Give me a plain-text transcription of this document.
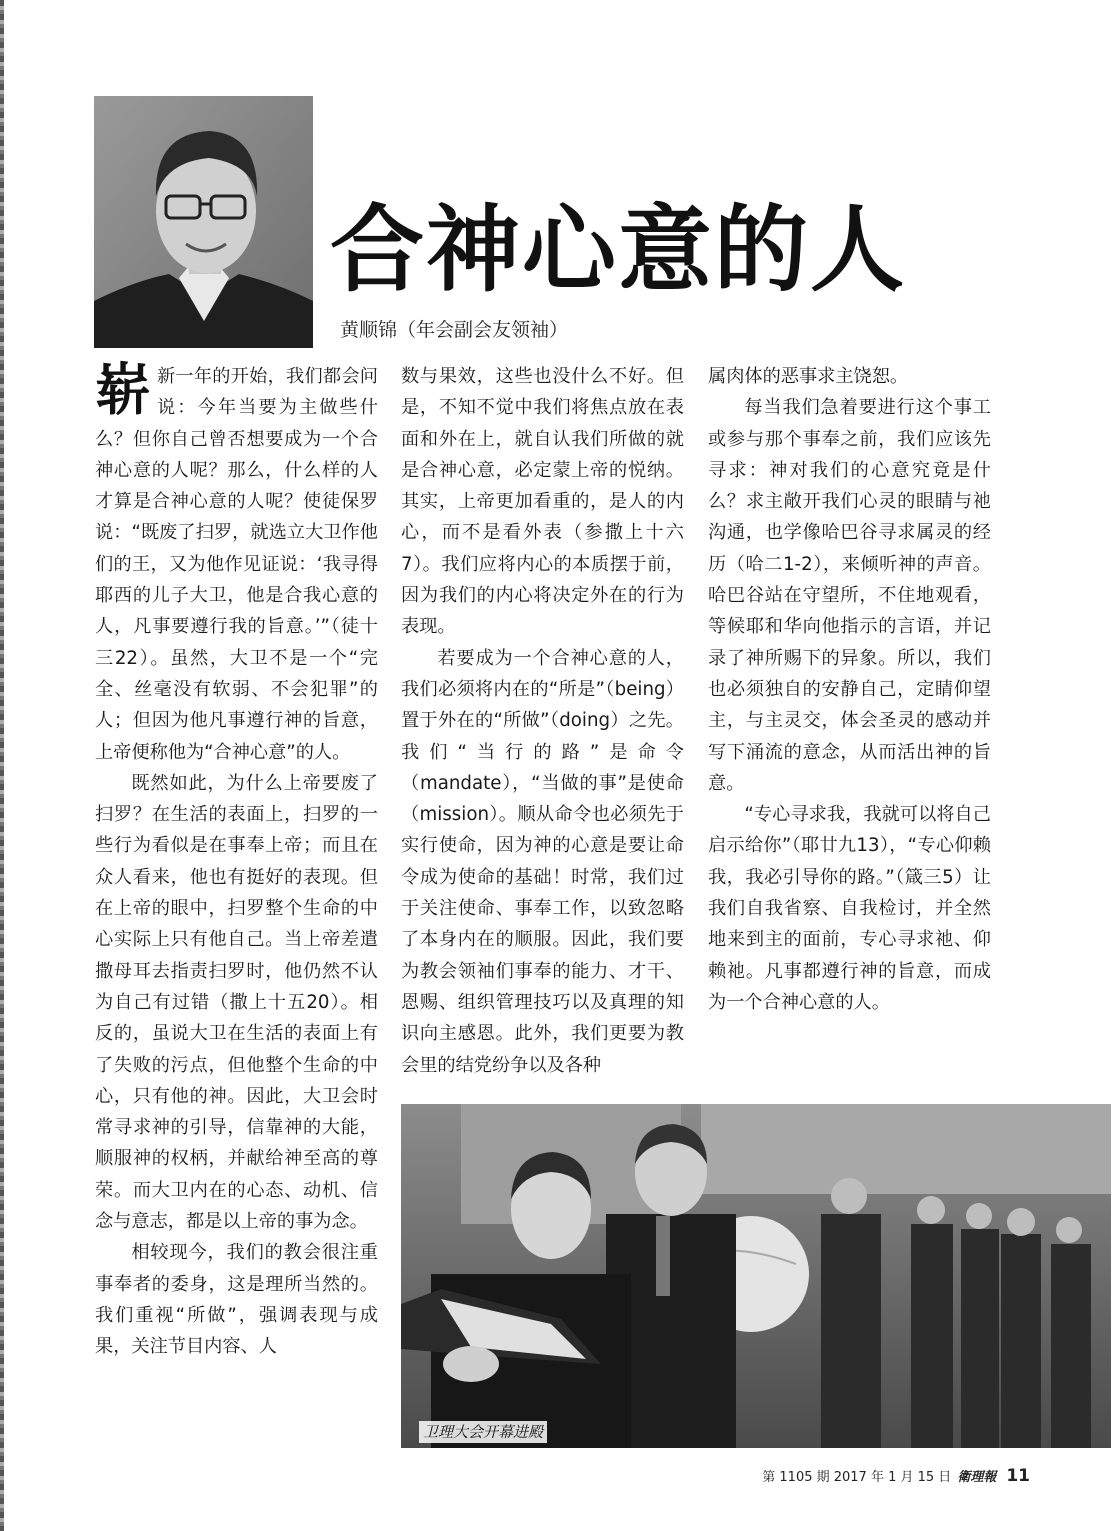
合神心意的人
黄顺锦（年会副会友领袖）

崭新一年的开始，我们都会问说：今年当要为主做些什么？但你自己曾否想要成为一个合神心意的人呢？那么，什么样的人才算是合神心意的人呢？使徒保罗说：“既废了扫罗，就选立大卫作他们的王，又为他作见证说：‘我寻得耶西的儿子大卫，他是合我心意的人，凡事要遵行我的旨意。’”（徒十三22）。虽然，大卫不是一个“完全、丝毫没有软弱、不会犯罪”的人；但因为他凡事遵行神的旨意，上帝便称他为“合神心意”的人。

既然如此，为什么上帝要废了扫罗？在生活的表面上，扫罗的一些行为看似是在事奉上帝；而且在众人看来，他也有挺好的表现。但在上帝的眼中，扫罗整个生命的中心实际上只有他自己。当上帝差遣撒母耳去指责扫罗时，他仍然不认为自己有过错（撒上十五20）。相反的，虽说大卫在生活的表面上有了失败的污点，但他整个生命的中心，只有他的神。因此，大卫会时常寻求神的引导，信靠神的大能，顺服神的权柄，并献给神至高的尊荣。而大卫内在的心态、动机、信念与意志，都是以上帝的事为念。

相较现今，我们的教会很注重事奉者的委身，这是理所当然的。我们重视“所做”，强调表现与成果，关注节目内容、人

数与果效，这些也没什么不好。但是，不知不觉中我们将焦点放在表面和外在上，就自认我们所做的就是合神心意，必定蒙上帝的悦纳。其实，上帝更加看重的，是人的内心，而不是看外表（参撒上十六7）。我们应将内心的本质摆于前，因为我们的内心将决定外在的行为表现。

若要成为一个合神心意的人，我们必须将内在的“所是”（being）置于外在的“所做”（doing）之先。我们“当行的路”是命令（mandate），“当做的事”是使命（mission）。顺从命令也必须先于实行使命，因为神的心意是要让命令成为使命的基础！时常，我们过于关注使命、事奉工作，以致忽略了本身内在的顺服。因此，我们要为教会领袖们事奉的能力、才干、恩赐、组织管理技巧以及真理的知识向主感恩。此外，我们更要为教会里的结党纷争以及各种

属肉体的恶事求主饶恕。

每当我们急着要进行这个事工或参与那个事奉之前，我们应该先寻求：神对我们的心意究竟是什么？求主敞开我们心灵的眼睛与祂沟通，也学像哈巴谷寻求属灵的经历（哈二1-2），来倾听神的声音。哈巴谷站在守望所，不住地观看，等候耶和华向他指示的言语，并记录了神所赐下的异象。所以，我们也必须独自的安静自己，定睛仰望主，与主灵交，体会圣灵的感动并写下涌流的意念，从而活出神的旨意。

“专心寻求我，我就可以将自己启示给你”（耶廿九13），“专心仰赖我，我必引导你的路。”（箴三5）让我们自我省察、自我检讨，并全然地来到主的面前，专心寻求祂、仰赖祂。凡事都遵行神的旨意，而成为一个合神心意的人。

卫理大会开幕进殿
第 1105 期 2017 年 1 月 15 日 衛理報 11
